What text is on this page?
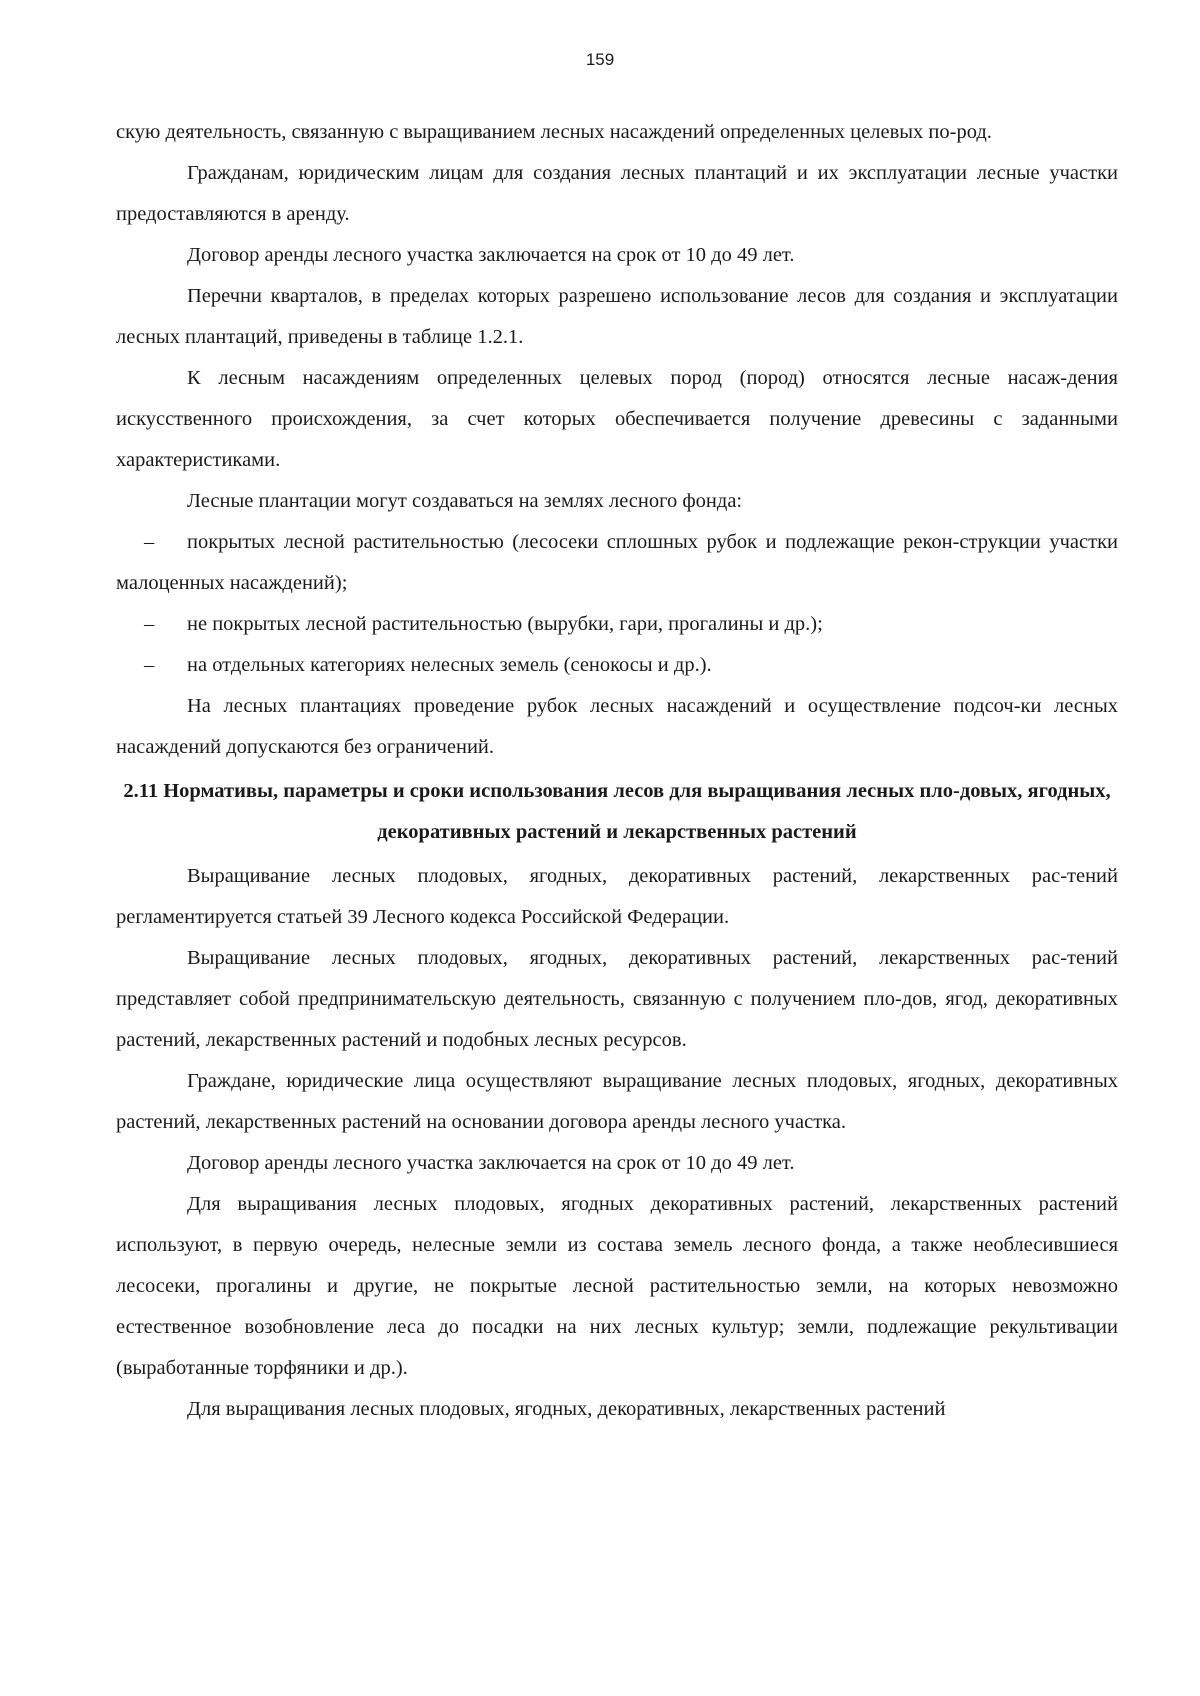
159

скую деятельность, связанную с выращиванием лесных насаждений определенных целевых по-род.

Гражданам, юридическим лицам для создания лесных плантаций и их эксплуатации лесные участки предоставляются в аренду.

Договор аренды лесного участка заключается на срок от 10 до 49 лет.

Перечни кварталов, в пределах которых разрешено использование лесов для создания и эксплуатации лесных плантаций, приведены в таблице 1.2.1.

К лесным насаждениям определенных целевых пород (пород) относятся лесные насаж-дения искусственного происхождения, за счет которых обеспечивается получение древесины с заданными характеристиками.

Лесные плантации могут создаваться на землях лесного фонда:

– покрытых лесной растительностью (лесосеки сплошных рубок и подлежащие рекон-струкции участки малоценных насаждений);

– не покрытых лесной растительностью (вырубки, гари, прогалины и др.);

– на отдельных категориях нелесных земель (сенокосы и др.).

На лесных плантациях проведение рубок лесных насаждений и осуществление подсоч-ки лесных насаждений допускаются без ограничений.

2.11 Нормативы, параметры и сроки использования лесов для выращивания лесных пло-довых, ягодных, декоративных растений и лекарственных растений

Выращивание лесных плодовых, ягодных, декоративных растений, лекарственных рас-тений регламентируется статьей 39 Лесного кодекса Российской Федерации.

Выращивание лесных плодовых, ягодных, декоративных растений, лекарственных рас-тений представляет собой предпринимательскую деятельность, связанную с получением пло-дов, ягод, декоративных растений, лекарственных растений и подобных лесных ресурсов.

Граждане, юридические лица осуществляют выращивание лесных плодовых, ягодных, декоративных растений, лекарственных растений на основании договора аренды лесного участка.

Договор аренды лесного участка заключается на срок от 10 до 49 лет.

Для выращивания лесных плодовых, ягодных декоративных растений, лекарственных растений используют, в первую очередь, нелесные земли из состава земель лесного фонда, а также необлесившиеся лесосеки, прогалины и другие, не покрытые лесной растительностью земли, на которых невозможно естественное возобновление леса до посадки на них лесных культур; земли, подлежащие рекультивации (выработанные торфяники и др.).

Для выращивания лесных плодовых, ягодных, декоративных, лекарственных растений
